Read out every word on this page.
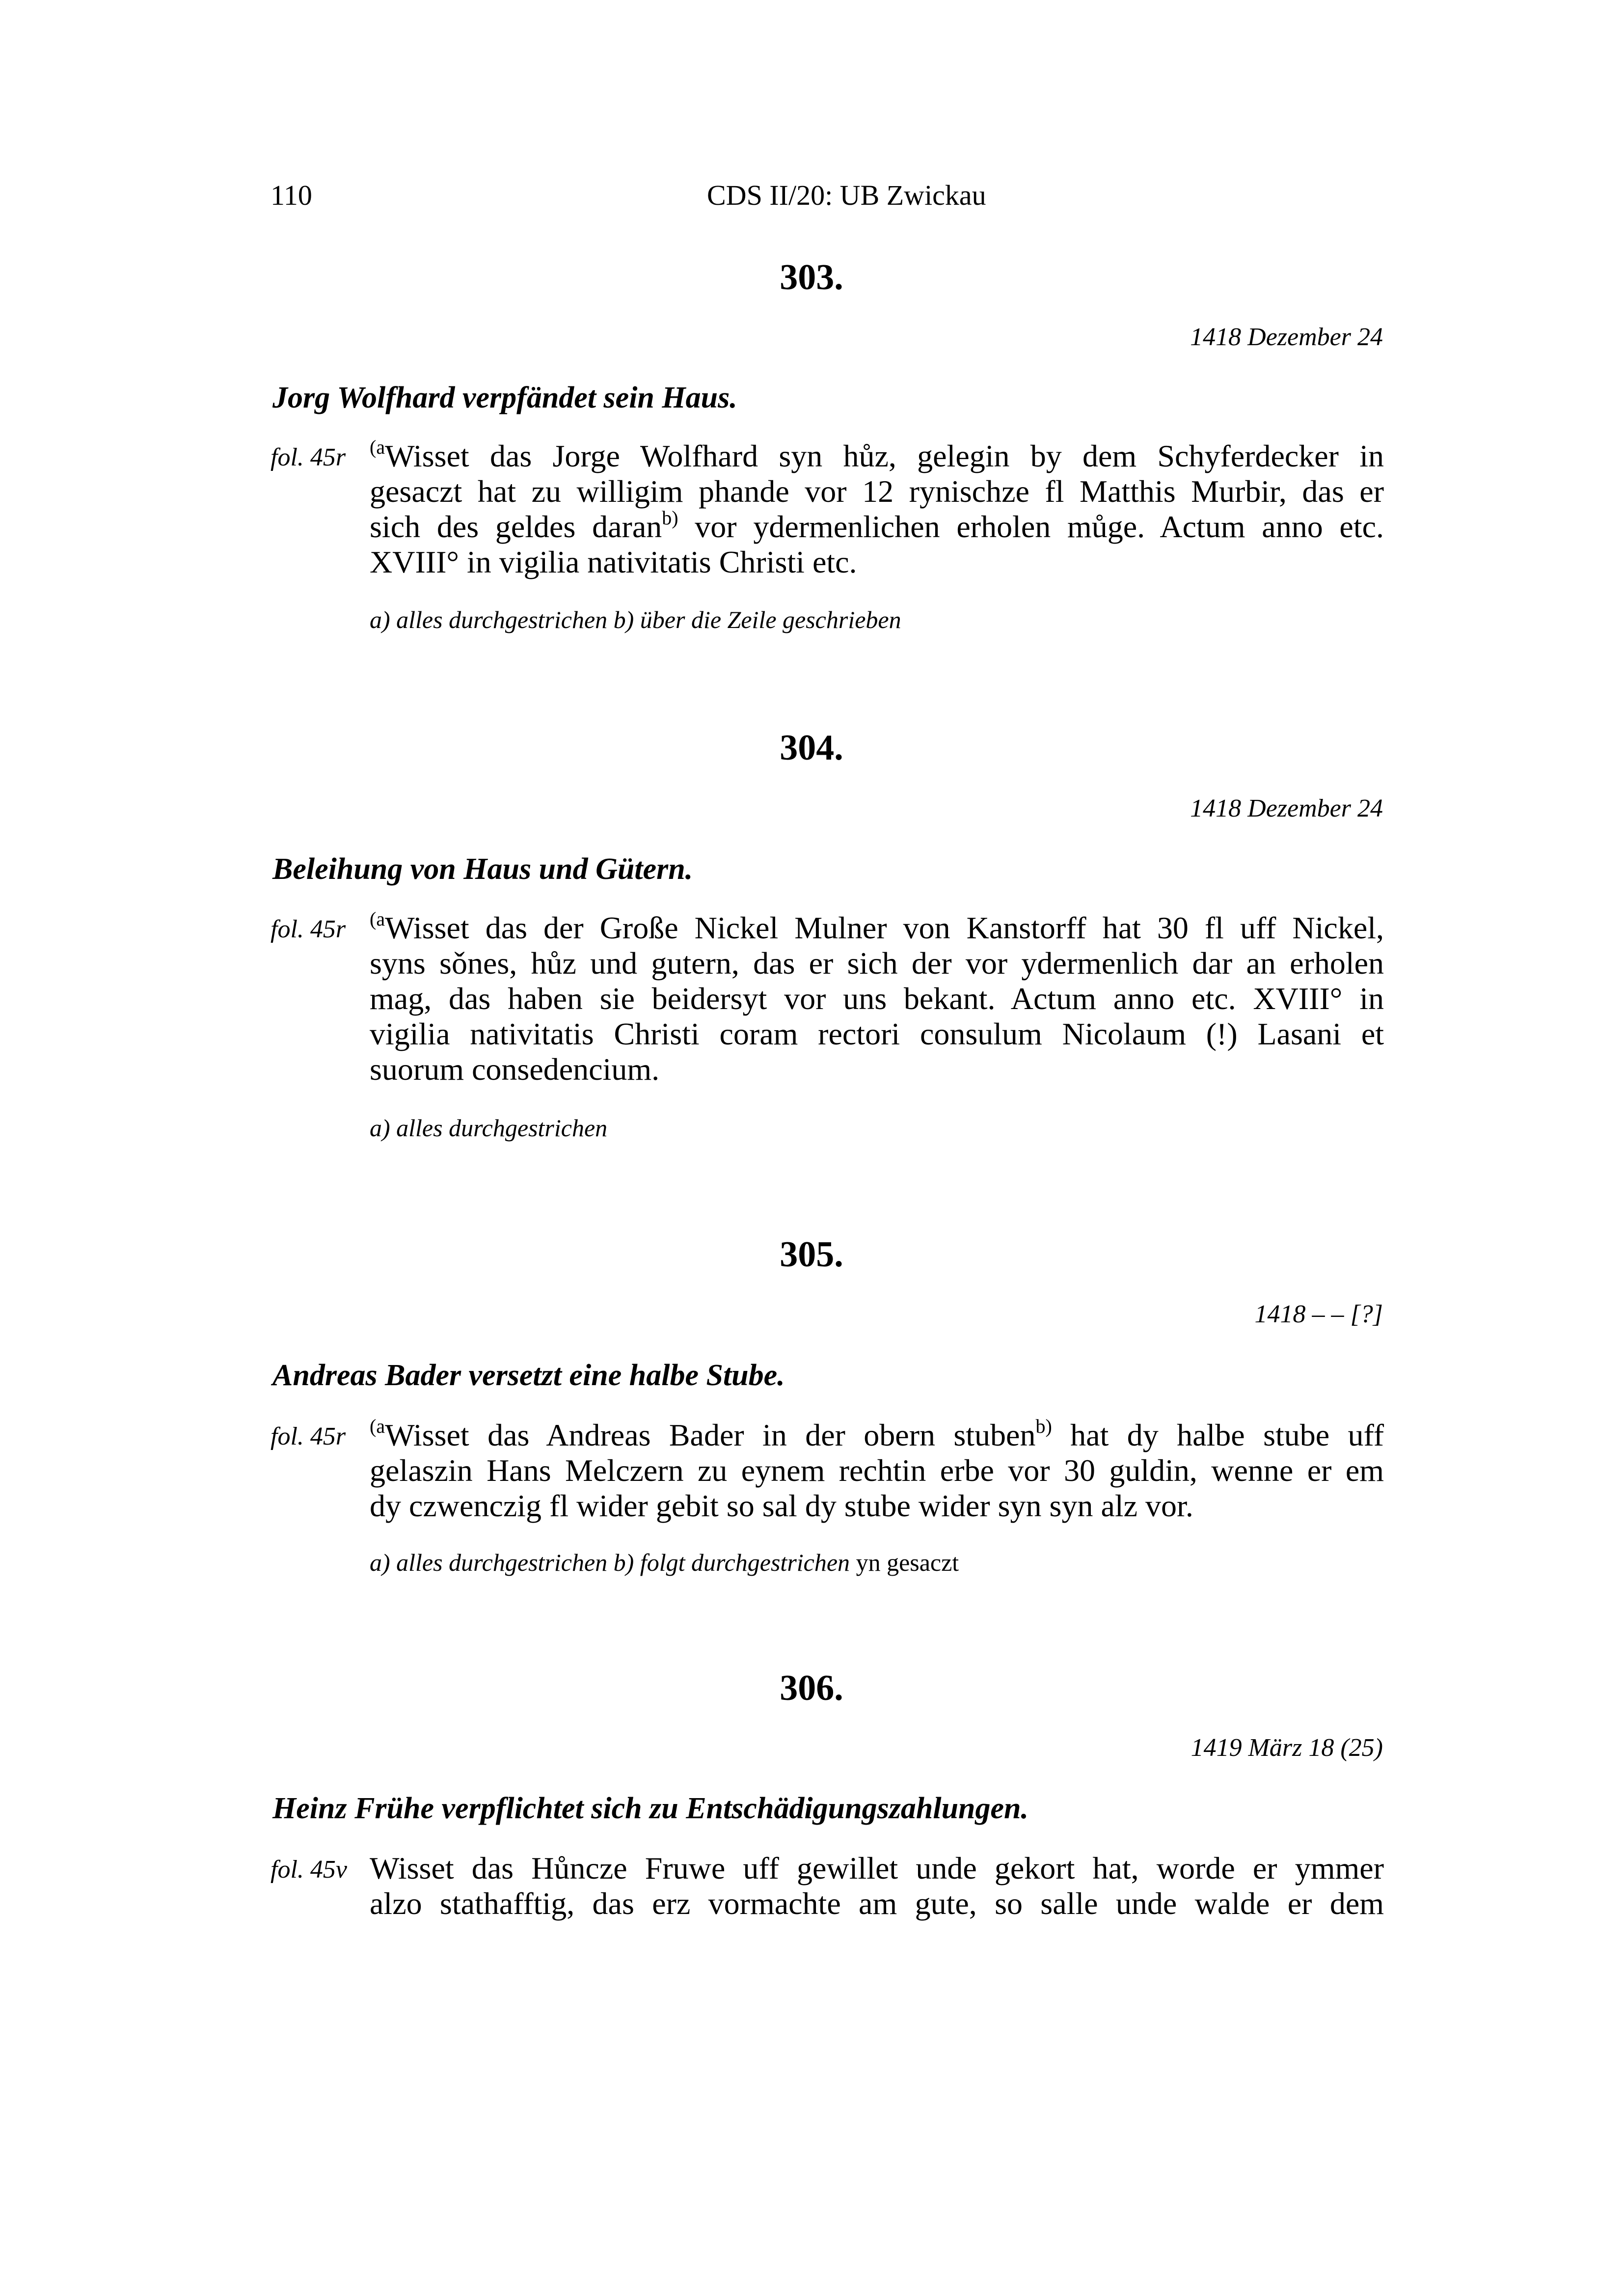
110	CDS II/20: UB Zwickau
303.
1418 Dezember 24
Jorg Wolfhard verpfändet sein Haus.
fol. 45r $^{(a}$Wisset das Jorge Wolfhard syn hůz, gelegin by dem Schyferdecker in
gesaczt hat zu willigim phande vor 12 rynischze fl Matthis Murbir, das er
sich des geldes daran$^{b)}$ vor ydermenlichen erholen můge. Actum anno etc.
XVIII° in vigilia nativitatis Christi etc.
a) alles durchgestrichen b) über die Zeile geschrieben
304.
1418 Dezember 24
Beleihung von Haus und Gütern.
fol. 45r $^{(a}$Wisset das der Große Nickel Mulner von Kanstorff hat 30 fl uff Nickel,
syns sǒnes, hůz und gutern, das er sich der vor ydermenlich dar an erholen
mag, das haben sie beidersyt vor uns bekant. Actum anno etc. XVIII° in
vigilia nativitatis Christi coram rectori consulum Nicolaum (!) Lasani et
suorum consedencium.
a) alles durchgestrichen
305.
1418 – – [?]
Andreas Bader versetzt eine halbe Stube.
fol. 45r $^{(a}$Wisset das Andreas Bader in der obern stuben$^{b)}$ hat dy halbe stube uff
gelaszin Hans Melczern zu eynem rechtin erbe vor 30 guldin, wenne er em
dy czwenczig fl wider gebit so sal dy stube wider syn syn alz vor.
a) alles durchgestrichen b) folgt durchgestrichen yn gesaczt
306.
1419 März 18 (25)
Heinz Frühe verpflichtet sich zu Entschädigungszahlungen.
fol. 45v Wisset das Hůncze Fruwe uff gewillet unde gekort hat, worde er ymmer
alzo stathafftig, das erz vormachte am gute, so salle unde walde er dem
